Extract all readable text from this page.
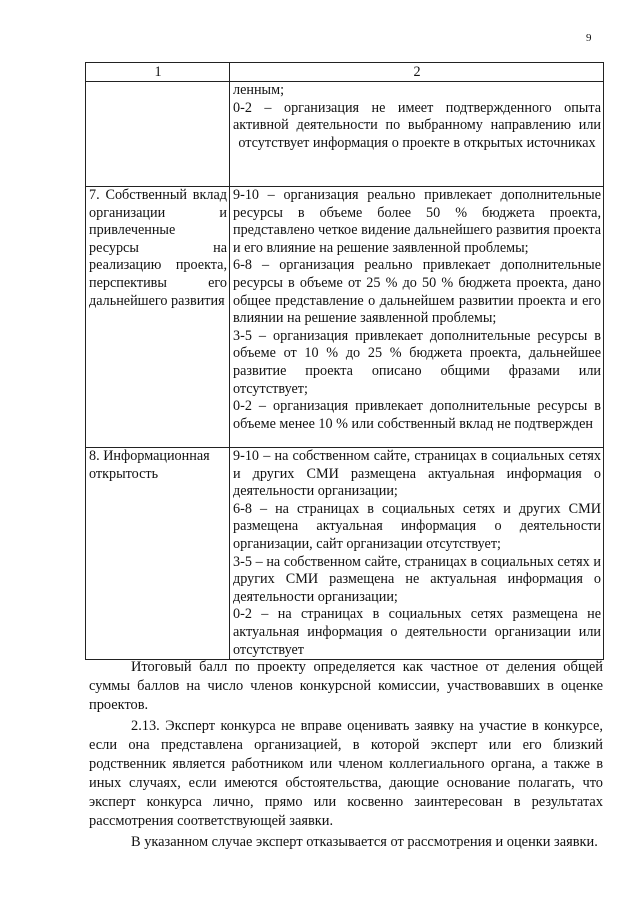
9
1	2

	ленным;
0-2 – организация не имеет подтвержденного опыта активной деятельности по выбранному направлению или отсутствует информация о проекте в открытых источниках

7. Собственный вклад организации и привлеченные ресурсы на реализацию проекта, перспективы его дальнейшего развития	9-10 – организация реально привлекает дополнительные ресурсы в объеме более 50 % бюджета проекта, представлено четкое видение дальнейшего развития проекта и его влияние на решение заявленной проблемы;
6-8 – организация реально привлекает дополнительные ресурсы в объеме от 25 % до 50 % бюджета проекта, дано общее представление о дальнейшем развитии проекта и его влиянии на решение заявленной проблемы;
3-5 – организация привлекает дополнительные ресурсы в объеме от 10 % до 25 % бюджета проекта, дальнейшее развитие проекта описано общими фразами или отсутствует;
0-2 – организация привлекает дополнительные ресурсы в объеме менее 10 % или собственный вклад не подтвержден

8. Информационная открытость	9-10 – на собственном сайте, страницах в социальных сетях и других СМИ размещена актуальная информация о деятельности организации;
6-8 – на страницах в социальных сетях и других СМИ размещена актуальная информация о деятельности организации, сайт организации отсутствует;
3-5 – на собственном сайте, страницах в социальных сетях и других СМИ размещена не актуальная информация о деятельности организации;
0-2 – на страницах в социальных сетях размещена не актуальная информация о деятельности организации или отсутствует

Итоговый балл по проекту определяется как частное от деления общей суммы баллов на число членов конкурсной комиссии, участвовавших в оценке проектов.

2.13. Эксперт конкурса не вправе оценивать заявку на участие в конкурсе, если она представлена организацией, в которой эксперт или его близкий родственник является работником или членом коллегиального органа, а также в иных случаях, если имеются обстоятельства, дающие основание полагать, что эксперт конкурса лично, прямо или косвенно заинтересован в результатах рассмотрения соответствующей заявки.

В указанном случае эксперт отказывается от рассмотрения и оценки заявки.
